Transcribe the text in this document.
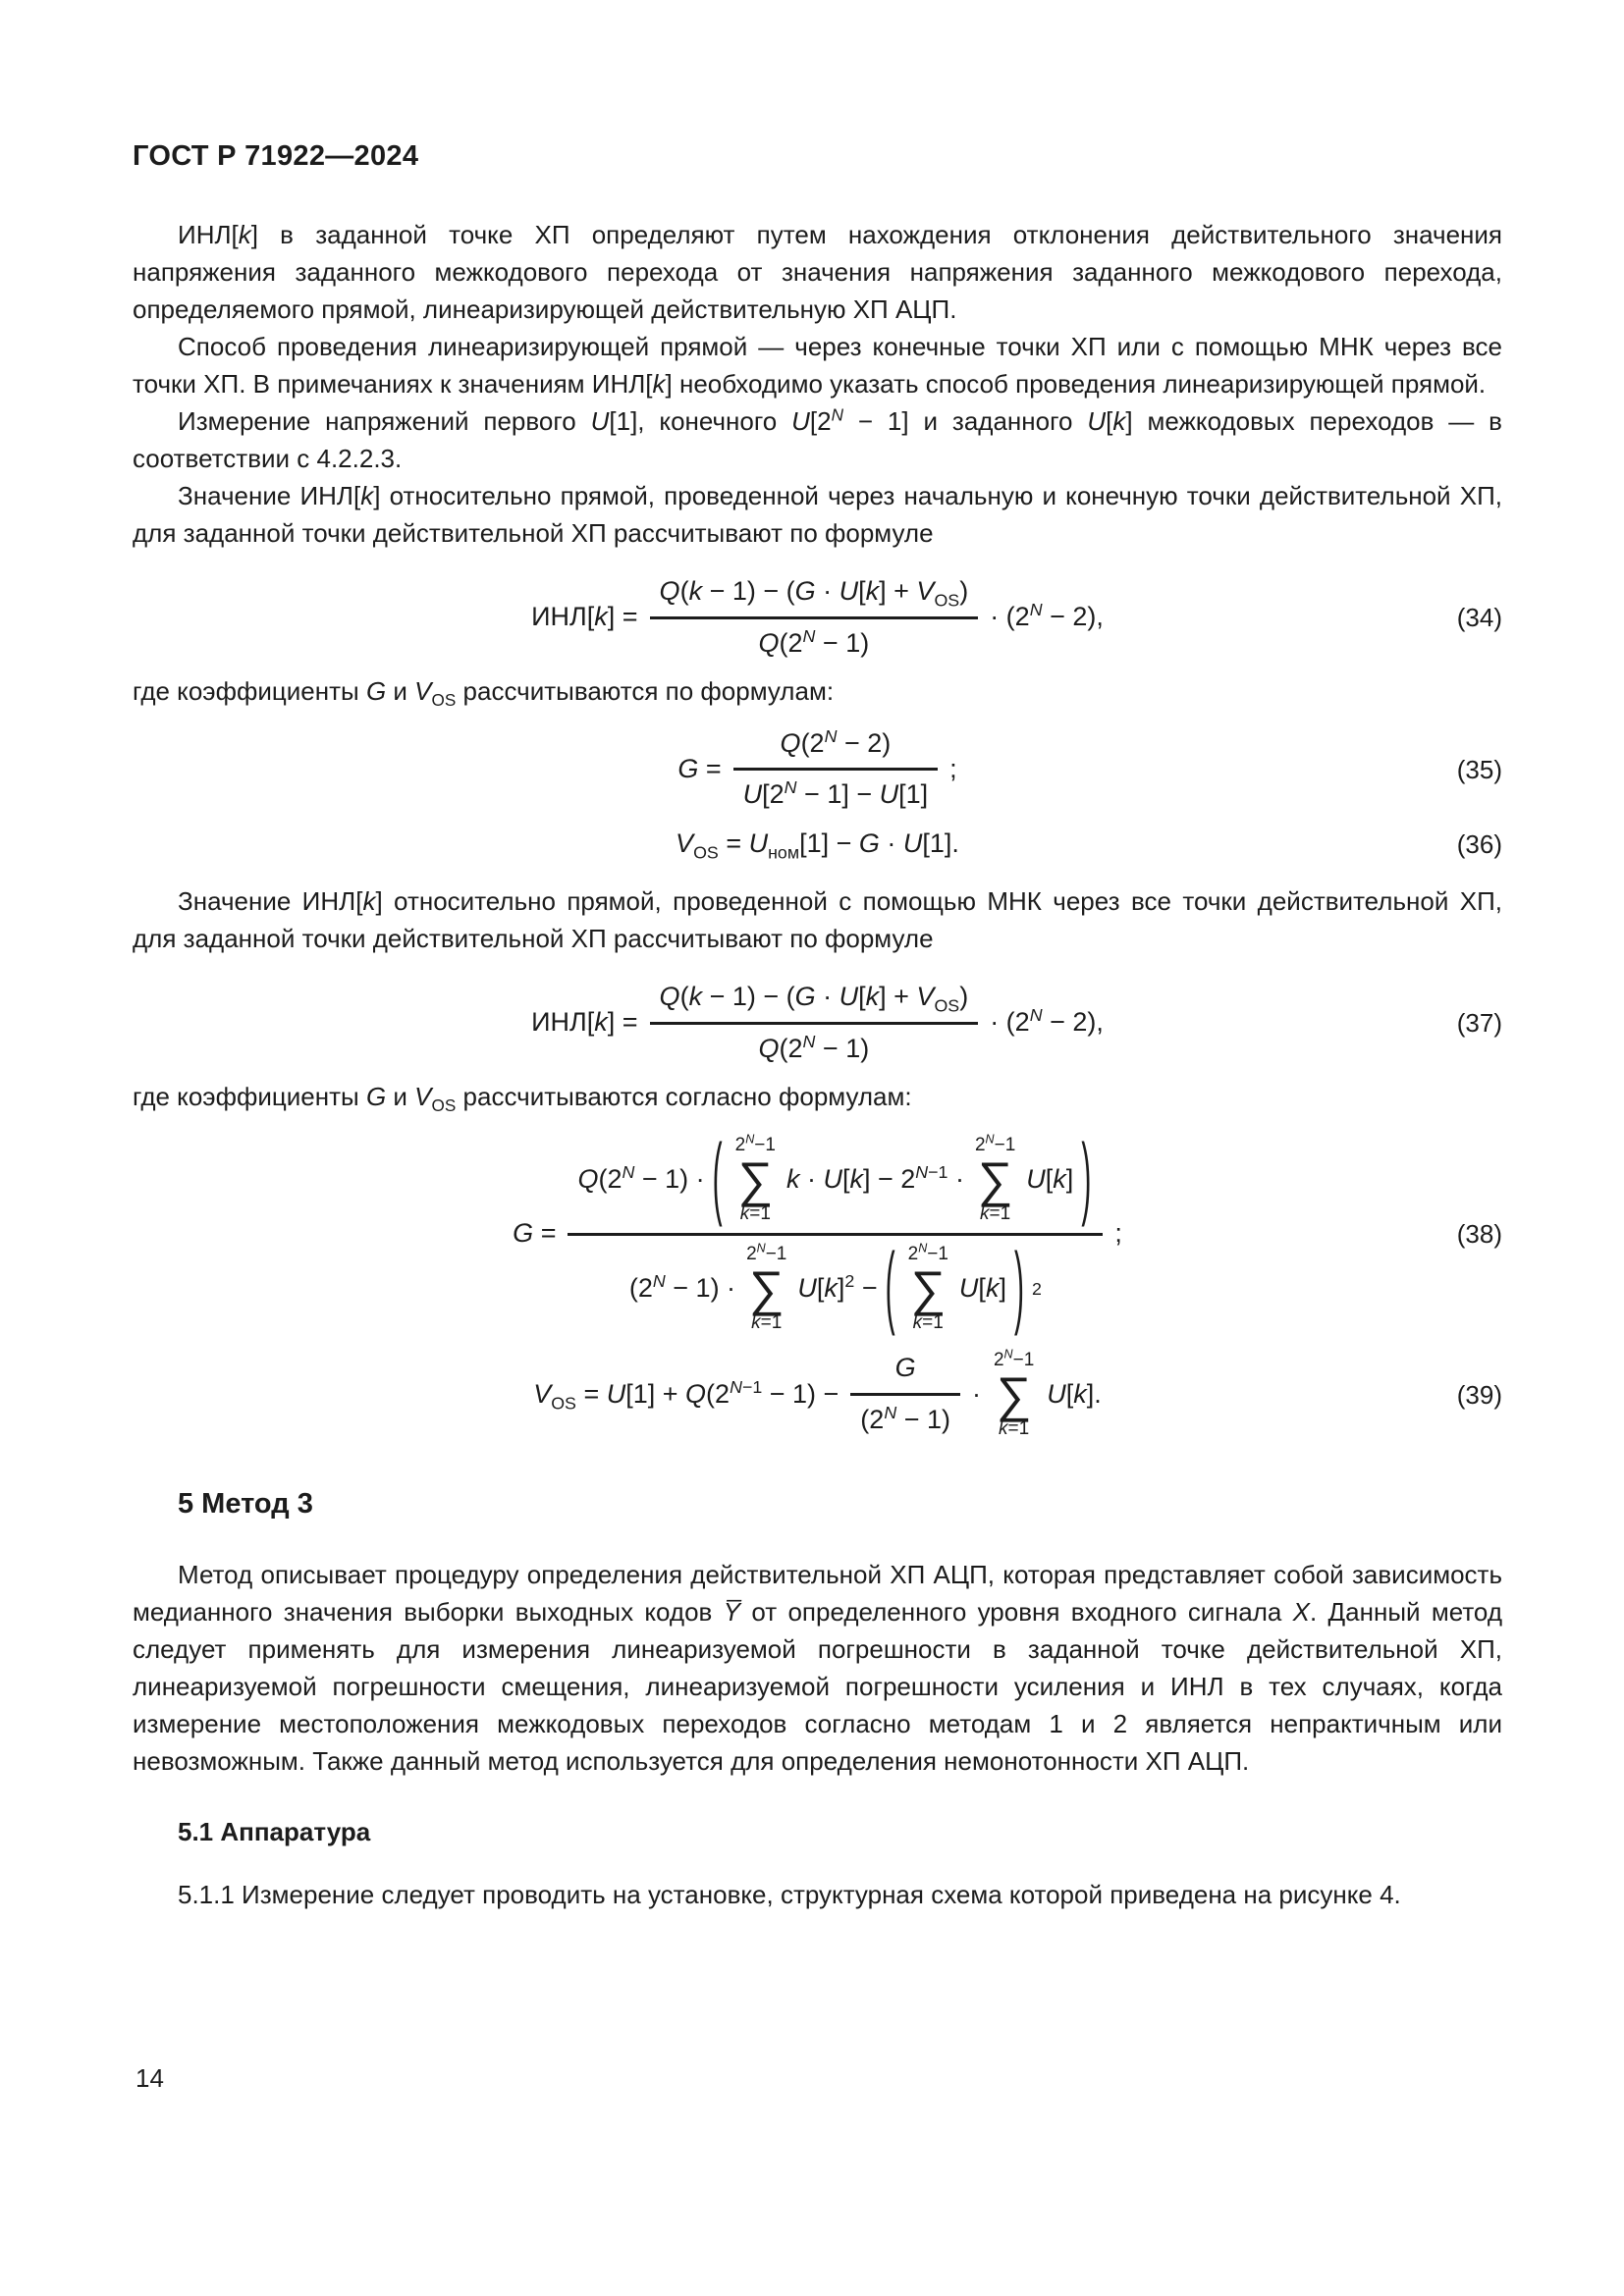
ГОСТ Р 71922—2024

ИНЛ[k] в заданной точке ХП определяют путем нахождения отклонения действительного значения напряжения заданного межкодового перехода от значения напряжения заданного межкодового перехода, определяемого прямой, линеаризирующей действительную ХП АЦП.

Способ проведения линеаризирующей прямой — через конечные точки ХП или с помощью МНК через все точки ХП. В примечаниях к значениям ИНЛ[k] необходимо указать способ проведения линеаризирующей прямой.

Измерение напряжений первого U[1], конечного $U[2^N - 1]$ и заданного U[k] межкодовых переходов — в соответствии с 4.2.2.3.

Значение ИНЛ[k] относительно прямой, проведенной через начальную и конечную точки действительной ХП, для заданной точки действительной ХП рассчитывают по формуле

$ИНЛ[k] = \frac{Q(k - 1) - (G \cdot U[k] + V_{OS})}{Q(2^N - 1)} \cdot (2^N - 2)$,	(34)

где коэффициенты G и $V_{OS}$ рассчитываются по формулам:

$G = \frac{Q(2^N - 2)}{U[2^N - 1] - U[1]}$ ;	(35)
$V_{OS} = U_{ном}[1] - G \cdot U[1]$.	(36)

Значение ИНЛ[k] относительно прямой, проведенной с помощью МНК через все точки действительной ХП, для заданной точки действительной ХП рассчитывают по формуле

$ИНЛ[k] = \frac{Q(k - 1) - (G \cdot U[k] + V_{OS})}{Q(2^N - 1)} \cdot (2^N - 2)$,	(37)

где коэффициенты G и $V_{OS}$ рассчитываются согласно формулам:

G =
$Q(2^N - 1)$ · ( $2^N-1$
∑
k=1
$k \cdot U[k] - 2^{N-1}$ ·
$2^N-1$
∑
k=1
U[k] )
$(2^N - 1)$ ·
$2^N-1$
∑
k=1
$U[k]^2$ − ( $2^N-1$
∑
k=1
U[k] ) 2
;	(38)
$V_{OS} = U[1] + Q(2^{N-1} - 1) - \frac{G}{(2^N - 1)}$ ·
$2^N-1$
∑
k=1
U[k].	(39)
5 Метод 3

Метод описывает процедуру определения действительной ХП АЦП, которая представляет собой зависимость медианного значения выборки выходных кодов Y̅ от определенного уровня входного сигнала X. Данный метод следует применять для измерения линеаризуемой погрешности в заданной точке действительной ХП, линеаризуемой погрешности смещения, линеаризуемой погрешности усиления и ИНЛ в тех случаях, когда измерение местоположения межкодовых переходов согласно методам 1 и 2 является непрактичным или невозможным. Также данный метод используется для определения немонотонности ХП АЦП.

5.1 Аппаратура

5.1.1 Измерение следует проводить на установке, структурная схема которой приведена на рисунке 4.

14
